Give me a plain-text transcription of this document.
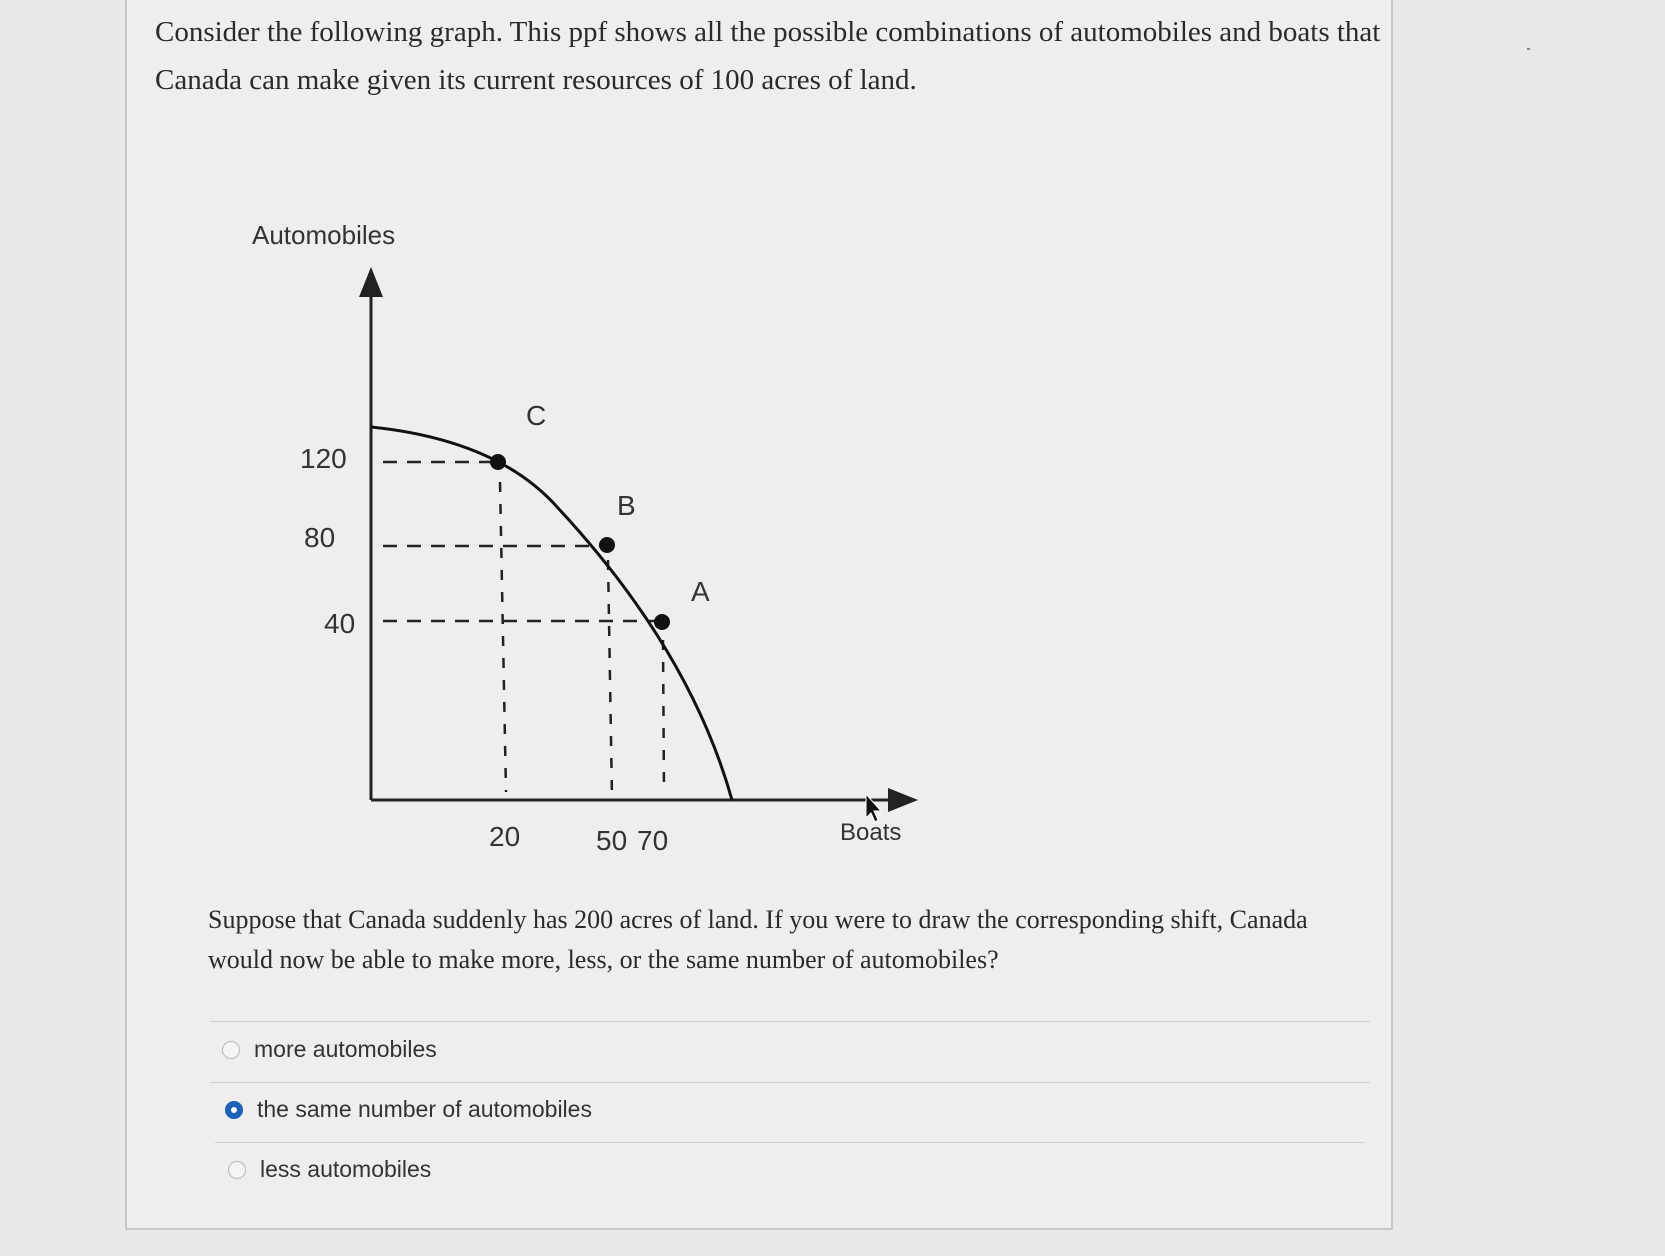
Consider the following graph. This ppf shows all the possible combinations of automobiles and boats that Canada can make given its current resources of 100 acres of land.

Automobiles
Boats
120
80
40
20	50 70
C
B
A

Suppose that Canada suddenly has 200 acres of land. If you were to draw the corresponding shift, Canada would now be able to make more, less, or the same number of automobiles?

more automobiles
the same number of automobiles
less automobiles
